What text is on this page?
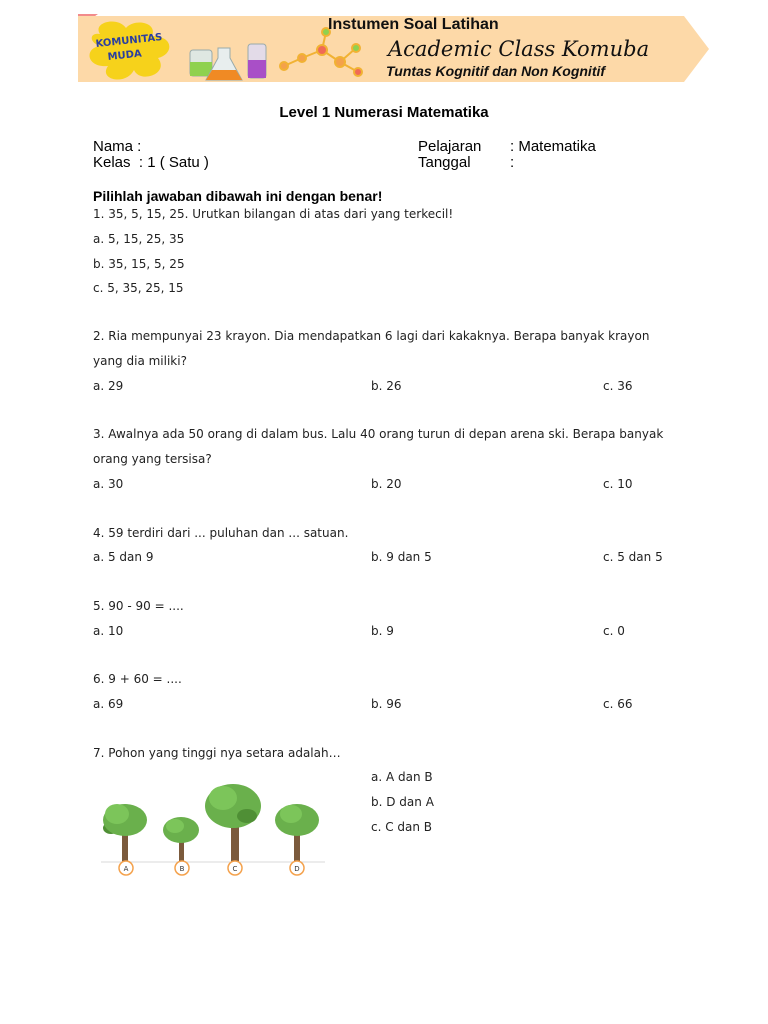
KOMUNITAS
MUDA
Instumen Soal Latihan
Academic Class Komuba
Tuntas Kognitif dan Non Kognitif
Level 1 Numerasi Matematika
Nama :
Kelas  : 1 ( Satu )
Pelajaran : Matematika
Tanggal	:
Pilihlah jawaban dibawah ini dengan benar!
1. 35, 5, 15, 25. Urutkan bilangan di atas dari yang terkecil!
a. 5, 15, 25, 35
b. 35, 15, 5, 25
c. 5, 35, 25, 15
2. Ria mempunyai 23 krayon. Dia mendapatkan 6 lagi dari kakaknya. Berapa banyak krayon yang dia miliki?
a. 29	b. 26	c. 36
3. Awalnya ada 50 orang di dalam bus. Lalu 40 orang turun di depan arena ski. Berapa banyak orang yang tersisa?
a. 30	b. 20	c. 10
4. 59 terdiri dari ... puluhan dan ... satuan.
a. 5 dan 9	b. 9 dan 5	c. 5 dan 5
5. 90 - 90 = ....
a. 10	b. 9	c. 0
6. 9 + 60 = ....
a. 69	b. 96	c. 66
7. Pohon yang tinggi nya setara adalah…
a. A dan B
b. D dan A
c. C dan B
A	B	C	D
